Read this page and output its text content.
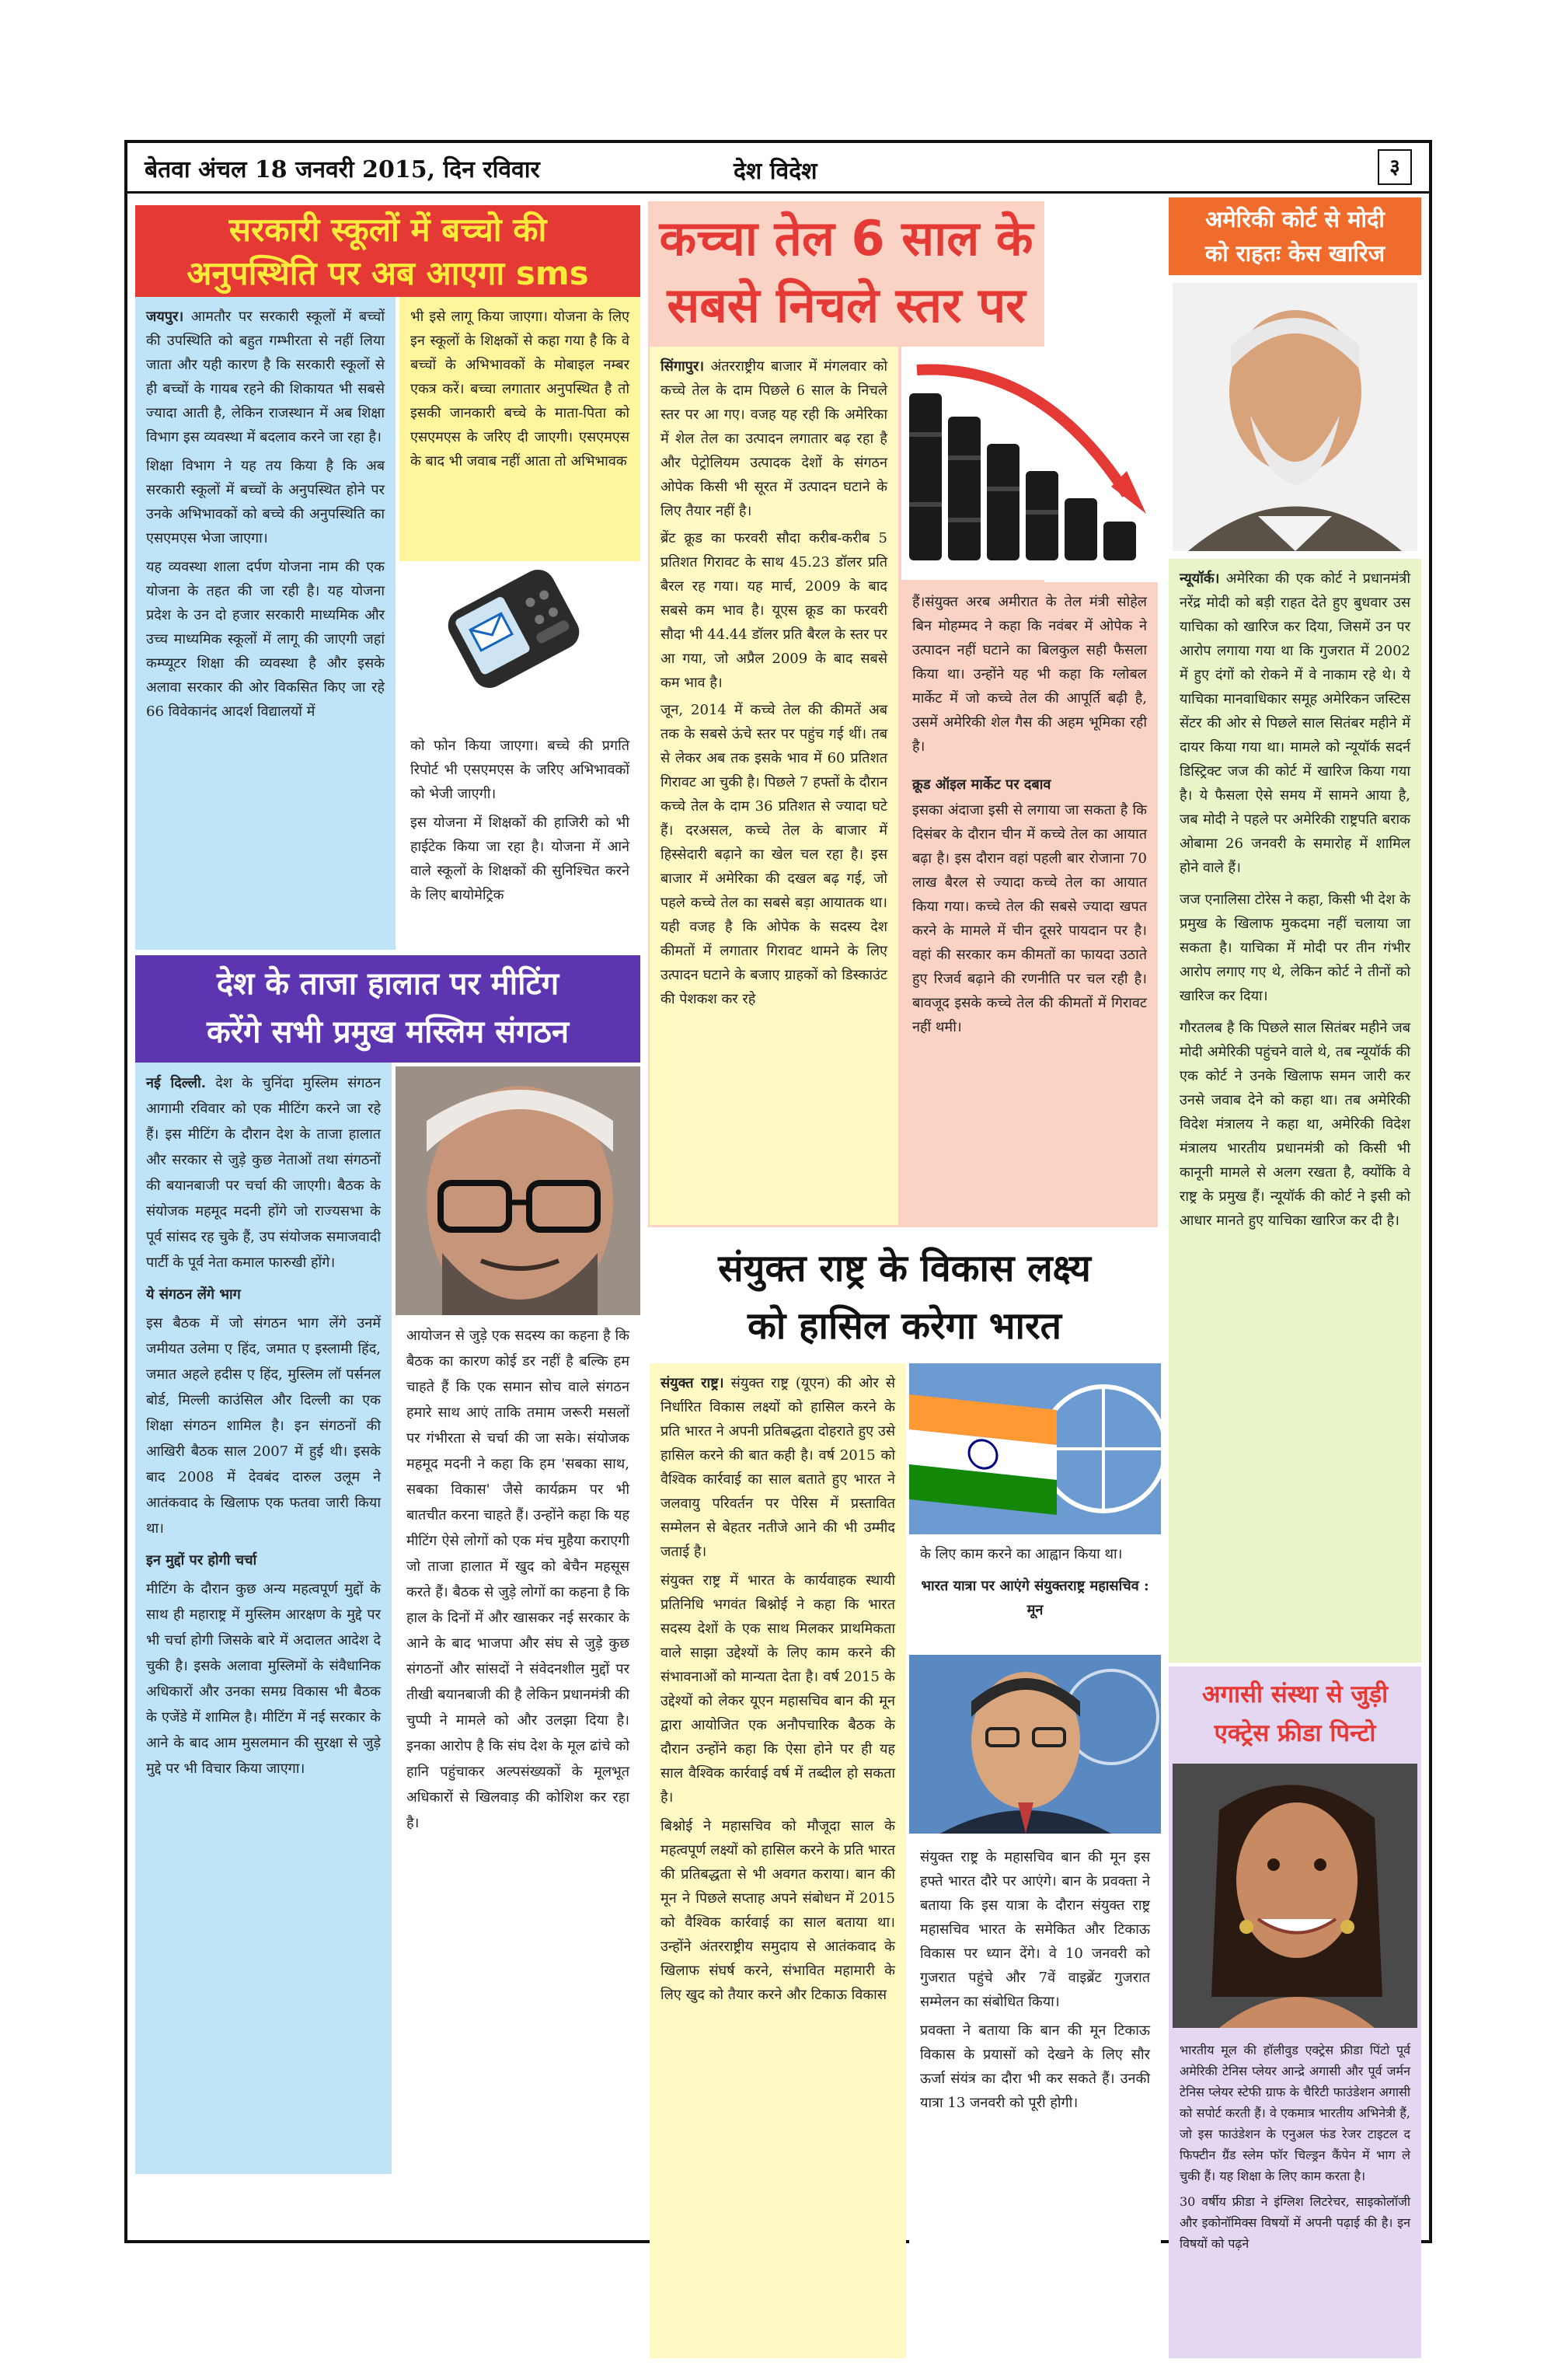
बेतवा अंचल 18 जनवरी 2015, दिन रविवार	देश विदेश	३
सरकारी स्कूलों में बच्चो की
अनुपस्थिति पर अब आएगा sms

जयपुर। आमतौर पर सरकारी स्कूलों में बच्चों की उपस्थिति को बहुत गम्भीरता से नहीं लिया जाता और यही कारण है कि सरकारी स्कूलों से ही बच्चों के गायब रहने की शिकायत भी सबसे ज्यादा आती है, लेकिन राजस्थान में अब शिक्षा विभाग इस व्यवस्था में बदलाव करने जा रहा है।

शिक्षा विभाग ने यह तय किया है कि अब सरकारी स्कूलों में बच्चों के अनुपस्थित होने पर उनके अभिभावकों को बच्चे की अनुपस्थिति का एसएमएस भेजा जाएगा।

यह व्यवस्था शाला दर्पण योजना नाम की एक योजना के तहत की जा रही है। यह योजना प्रदेश के उन दो हजार सरकारी माध्यमिक और उच्च माध्यमिक स्कूलों में लागू की जाएगी जहां कम्प्यूटर शिक्षा की व्यवस्था है और इसके अलावा सरकार की ओर विकसित किए जा रहे 66 विवेकानंद आदर्श विद्यालयों में

भी इसे लागू किया जाएगा। योजना के लिए इन स्कूलों के शिक्षकों से कहा गया है कि वे बच्चों के अभिभावकों के मोबाइल नम्बर एकत्र करें। बच्चा लगातार अनुपस्थित है तो इसकी जानकारी बच्चे के माता-पिता को एसएमएस के जरिए दी जाएगी। एसएमएस के बाद भी जवाब नहीं आता तो अभिभावक

को फोन किया जाएगा। बच्चे की प्रगति रिपोर्ट भी एसएमएस के जरिए अभिभावकों को भेजी जाएगी।

इस योजना में शिक्षकों की हाजिरी को भी हाईटेक किया जा रहा है। योजना में आने वाले स्कूलों के शिक्षकों की सुनिश्चित करने के लिए बायोमेट्रिक

देश के ताजा हालात पर मीटिंग
करेंगे सभी प्रमुख मस्लिम संगठन

नई दिल्ली. देश के चुनिंदा मुस्लिम संगठन आगामी रविवार को एक मीटिंग करने जा रहे हैं। इस मीटिंग के दौरान देश के ताजा हालात और सरकार से जुड़े कुछ नेताओं तथा संगठनों की बयानबाजी पर चर्चा की जाएगी। बैठक के संयोजक महमूद मदनी होंगे जो राज्यसभा के पूर्व सांसद रह चुके हैं, उप संयोजक समाजवादी पार्टी के पूर्व नेता कमाल फारुखी होंगे।

ये संगठन लेंगे भाग

इस बैठक में जो संगठन भाग लेंगे उनमें जमीयत उलेमा ए हिंद, जमात ए इस्लामी हिंद, जमात अहले हदीस ए हिंद, मुस्लिम लॉ पर्सनल बोर्ड, मिल्ली काउंसिल और दिल्ली का एक शिक्षा संगठन शामिल है। इन संगठनों की आखिरी बैठक साल 2007 में हुई थी। इसके बाद 2008 में देवबंद दारुल उलूम ने आतंकवाद के खिलाफ एक फतवा जारी किया था।

इन मुद्दों पर होगी चर्चा

मीटिंग के दौरान कुछ अन्य महत्वपूर्ण मुद्दों के साथ ही महाराष्ट्र में मुस्लिम आरक्षण के मुद्दे पर भी चर्चा होगी जिसके बारे में अदालत आदेश दे चुकी है। इसके अलावा मुस्लिमों के संवैधानिक अधिकारों और उनका समग्र विकास भी बैठक के एजेंडे में शामिल है। मीटिंग में नई सरकार के आने के बाद आम मुसलमान की सुरक्षा से जुड़े मुद्दे पर भी विचार किया जाएगा।

आयोजन से जुड़े एक सदस्य का कहना है कि बैठक का कारण कोई डर नहीं है बल्कि हम चाहते हैं कि एक समान सोच वाले संगठन हमारे साथ आएं ताकि तमाम जरूरी मसलों पर गंभीरता से चर्चा की जा सके। संयोजक महमूद मदनी ने कहा कि हम 'सबका साथ, सबका विकास' जैसे कार्यक्रम पर भी बातचीत करना चाहते हैं। उन्होंने कहा कि यह मीटिंग ऐसे लोगों को एक मंच मुहैया कराएगी जो ताजा हालात में खुद को बेचैन महसूस करते हैं। बैठक से जुड़े लोगों का कहना है कि हाल के दिनों में और खासकर नई सरकार के आने के बाद भाजपा और संघ से जुड़े कुछ संगठनों और सांसदों ने संवेदनशील मुद्दों पर तीखी बयानबाजी की है लेकिन प्रधानमंत्री की चुप्पी ने मामले को और उलझा दिया है। इनका आरोप है कि संघ देश के मूल ढांचे को हानि पहुंचाकर अल्पसंख्यकों के मूलभूत अधिकारों से खिलवाड़ की कोशिश कर रहा है।

कच्चा तेल 6 साल के
सबसे निचले स्तर पर

सिंगापुर। अंतरराष्ट्रीय बाजार में मंगलवार को कच्चे तेल के दाम पिछले 6 साल के निचले स्तर पर आ गए। वजह यह रही कि अमेरिका में शेल तेल का उत्पादन लगातार बढ़ रहा है और पेट्रोलियम उत्पादक देशों के संगठन ओपेक किसी भी सूरत में उत्पादन घटाने के लिए तैयार नहीं है।

ब्रेंट क्रूड का फरवरी सौदा करीब-करीब 5 प्रतिशत गिरावट के साथ 45.23 डॉलर प्रति बैरल रह गया। यह मार्च, 2009 के बाद सबसे कम भाव है। यूएस क्रूड का फरवरी सौदा भी 44.44 डॉलर प्रति बैरल के स्तर पर आ गया, जो अप्रैल 2009 के बाद सबसे कम भाव है।

जून, 2014 में कच्चे तेल की कीमतें अब तक के सबसे ऊंचे स्तर पर पहुंच गई थीं। तब से लेकर अब तक इसके भाव में 60 प्रतिशत गिरावट आ चुकी है। पिछले 7 हफ्तों के दौरान कच्चे तेल के दाम 36 प्रतिशत से ज्यादा घटे हैं। दरअसल, कच्चे तेल के बाजार में हिस्सेदारी बढ़ाने का खेल चल रहा है। इस बाजार में अमेरिका की दखल बढ़ गई, जो पहले कच्चे तेल का सबसे बड़ा आयातक था। यही वजह है कि ओपेक के सदस्य देश कीमतों में लगातार गिरावट थामने के लिए उत्पादन घटाने के बजाए ग्राहकों को डिस्काउंट की पेशकश कर रहे

हैं।संयुक्त अरब अमीरात के तेल मंत्री सोहेल बिन मोहम्मद ने कहा कि नवंबर में ओपेक ने उत्पादन नहीं घटाने का बिलकुल सही फैसला किया था। उन्होंने यह भी कहा कि ग्लोबल मार्केट में जो कच्चे तेल की आपूर्ति बढ़ी है, उसमें अमेरिकी शेल गैस की अहम भूमिका रही है।

क्रूड ऑइल मार्केट पर दबाव

इसका अंदाजा इसी से लगाया जा सकता है कि दिसंबर के दौरान चीन में कच्चे तेल का आयात बढ़ा है। इस दौरान वहां पहली बार रोजाना 70 लाख बैरल से ज्यादा कच्चे तेल का आयात किया गया। कच्चे तेल की सबसे ज्यादा खपत करने के मामले में चीन दूसरे पायदान पर है। वहां की सरकार कम कीमतों का फायदा उठाते हुए रिजर्व बढ़ाने की रणनीति पर चल रही है। बावजूद इसके कच्चे तेल की कीमतों में गिरावट नहीं थमी।

संयुक्त राष्ट्र के विकास लक्ष्य
को हासिल करेगा भारत

संयुक्त राष्ट्र। संयुक्त राष्ट्र (यूएन) की ओर से निर्धारित विकास लक्ष्यों को हासिल करने के प्रति भारत ने अपनी प्रतिबद्धता दोहराते हुए उसे हासिल करने की बात कही है। वर्ष 2015 को वैश्विक कार्रवाई का साल बताते हुए भारत ने जलवायु परिवर्तन पर पेरिस में प्रस्तावित सम्मेलन से बेहतर नतीजे आने की भी उम्मीद जताई है।

संयुक्त राष्ट्र में भारत के कार्यवाहक स्थायी प्रतिनिधि भगवंत बिश्नोई ने कहा कि भारत सदस्य देशों के एक साथ मिलकर प्राथमिकता वाले साझा उद्देश्यों के लिए काम करने की संभावनाओं को मान्यता देता है। वर्ष 2015 के उद्देश्यों को लेकर यूएन महासचिव बान की मून द्वारा आयोजित एक अनौपचारिक बैठक के दौरान उन्होंने कहा कि ऐसा होने पर ही यह साल वैश्विक कार्रवाई वर्ष में तब्दील हो सकता है।

बिश्नोई ने महासचिव को मौजूदा साल के महत्वपूर्ण लक्ष्यों को हासिल करने के प्रति भारत की प्रतिबद्धता से भी अवगत कराया। बान की मून ने पिछले सप्ताह अपने संबोधन में 2015 को वैश्विक कार्रवाई का साल बताया था। उन्होंने अंतरराष्ट्रीय समुदाय से आतंकवाद के खिलाफ संघर्ष करने, संभावित महामारी के लिए खुद को तैयार करने और टिकाऊ विकास

के लिए काम करने का आह्वान किया था।

भारत यात्रा पर आएंगे संयुक्तराष्ट्र महासचिव : मून

संयुक्त राष्ट्र के महासचिव बान की मून इस हफ्ते भारत दौरे पर आएंगे। बान के प्रवक्ता ने बताया कि इस यात्रा के दौरान संयुक्त राष्ट्र महासचिव भारत के समेकित और टिकाऊ विकास पर ध्यान देंगे। वे 10 जनवरी को गुजरात पहुंचे और 7वें वाइब्रेंट गुजरात सम्मेलन का संबोधित किया।

प्रवक्ता ने बताया कि बान की मून टिकाऊ विकास के प्रयासों को देखने के लिए सौर ऊर्जा संयंत्र का दौरा भी कर सकते हैं। उनकी यात्रा 13 जनवरी को पूरी होगी।

अमेरिकी कोर्ट से मोदी
को राहतः केस खारिज

न्यूयॉर्क। अमेरिका की एक कोर्ट ने प्रधानमंत्री नरेंद्र मोदी को बड़ी राहत देते हुए बुधवार उस याचिका को खारिज कर दिया, जिसमें उन पर आरोप लगाया गया था कि गुजरात में 2002 में हुए दंगों को रोकने में वे नाकाम रहे थे। ये याचिका मानवाधिकार समूह अमेरिकन जस्टिस सेंटर की ओर से पिछले साल सितंबर महीने में दायर किया गया था। मामले को न्यूयॉर्क सदर्न डिस्ट्रिक्ट जज की कोर्ट में खारिज किया गया है। ये फैसला ऐसे समय में सामने आया है, जब मोदी ने पहले पर अमेरिकी राष्ट्रपति बराक ओबामा 26 जनवरी के समारोह में शामिल होने वाले हैं।

जज एनालिसा टोरेस ने कहा, किसी भी देश के प्रमुख के खिलाफ मुकदमा नहीं चलाया जा सकता है। याचिका में मोदी पर तीन गंभीर आरोप लगाए गए थे, लेकिन कोर्ट ने तीनों को खारिज कर दिया।

गौरतलब है कि पिछले साल सितंबर महीने जब मोदी अमेरिकी पहुंचने वाले थे, तब न्यूयॉर्क की एक कोर्ट ने उनके खिलाफ समन जारी कर उनसे जवाब देने को कहा था। तब अमेरिकी विदेश मंत्रालय ने कहा था, अमेरिकी विदेश मंत्रालय भारतीय प्रधानमंत्री को किसी भी कानूनी मामले से अलग रखता है, क्योंकि वे राष्ट्र के प्रमुख हैं। न्यूयॉर्क की कोर्ट ने इसी को आधार मानते हुए याचिका खारिज कर दी है।

अगासी संस्था से जुड़ी
एक्ट्रेस फ्रीडा पिन्टो

भारतीय मूल की हॉलीवुड एक्ट्रेस फ्रीडा पिंटो पूर्व अमेरिकी टेनिस प्लेयर आन्द्रे अगासी और पूर्व जर्मन टेनिस प्लेयर स्टेफी ग्राफ के चैरिटी फाउंडेशन अगासी को सपोर्ट करती हैं। वे एकमात्र भारतीय अभिनेत्री हैं, जो इस फाउंडेशन के एनुअल फंड रेजर टाइटल द फिफ्टीन ग्रैंड स्लेम फॉर चिल्ड्रन कैंपेन में भाग ले चुकी हैं। यह शिक्षा के लिए काम करता है।

30 वर्षीय फ्रीडा ने इंग्लिश लिटरेचर, साइकोलॉजी और इकोनॉमिक्स विषयों में अपनी पढ़ाई की है। इन विषयों को पढ़ने
